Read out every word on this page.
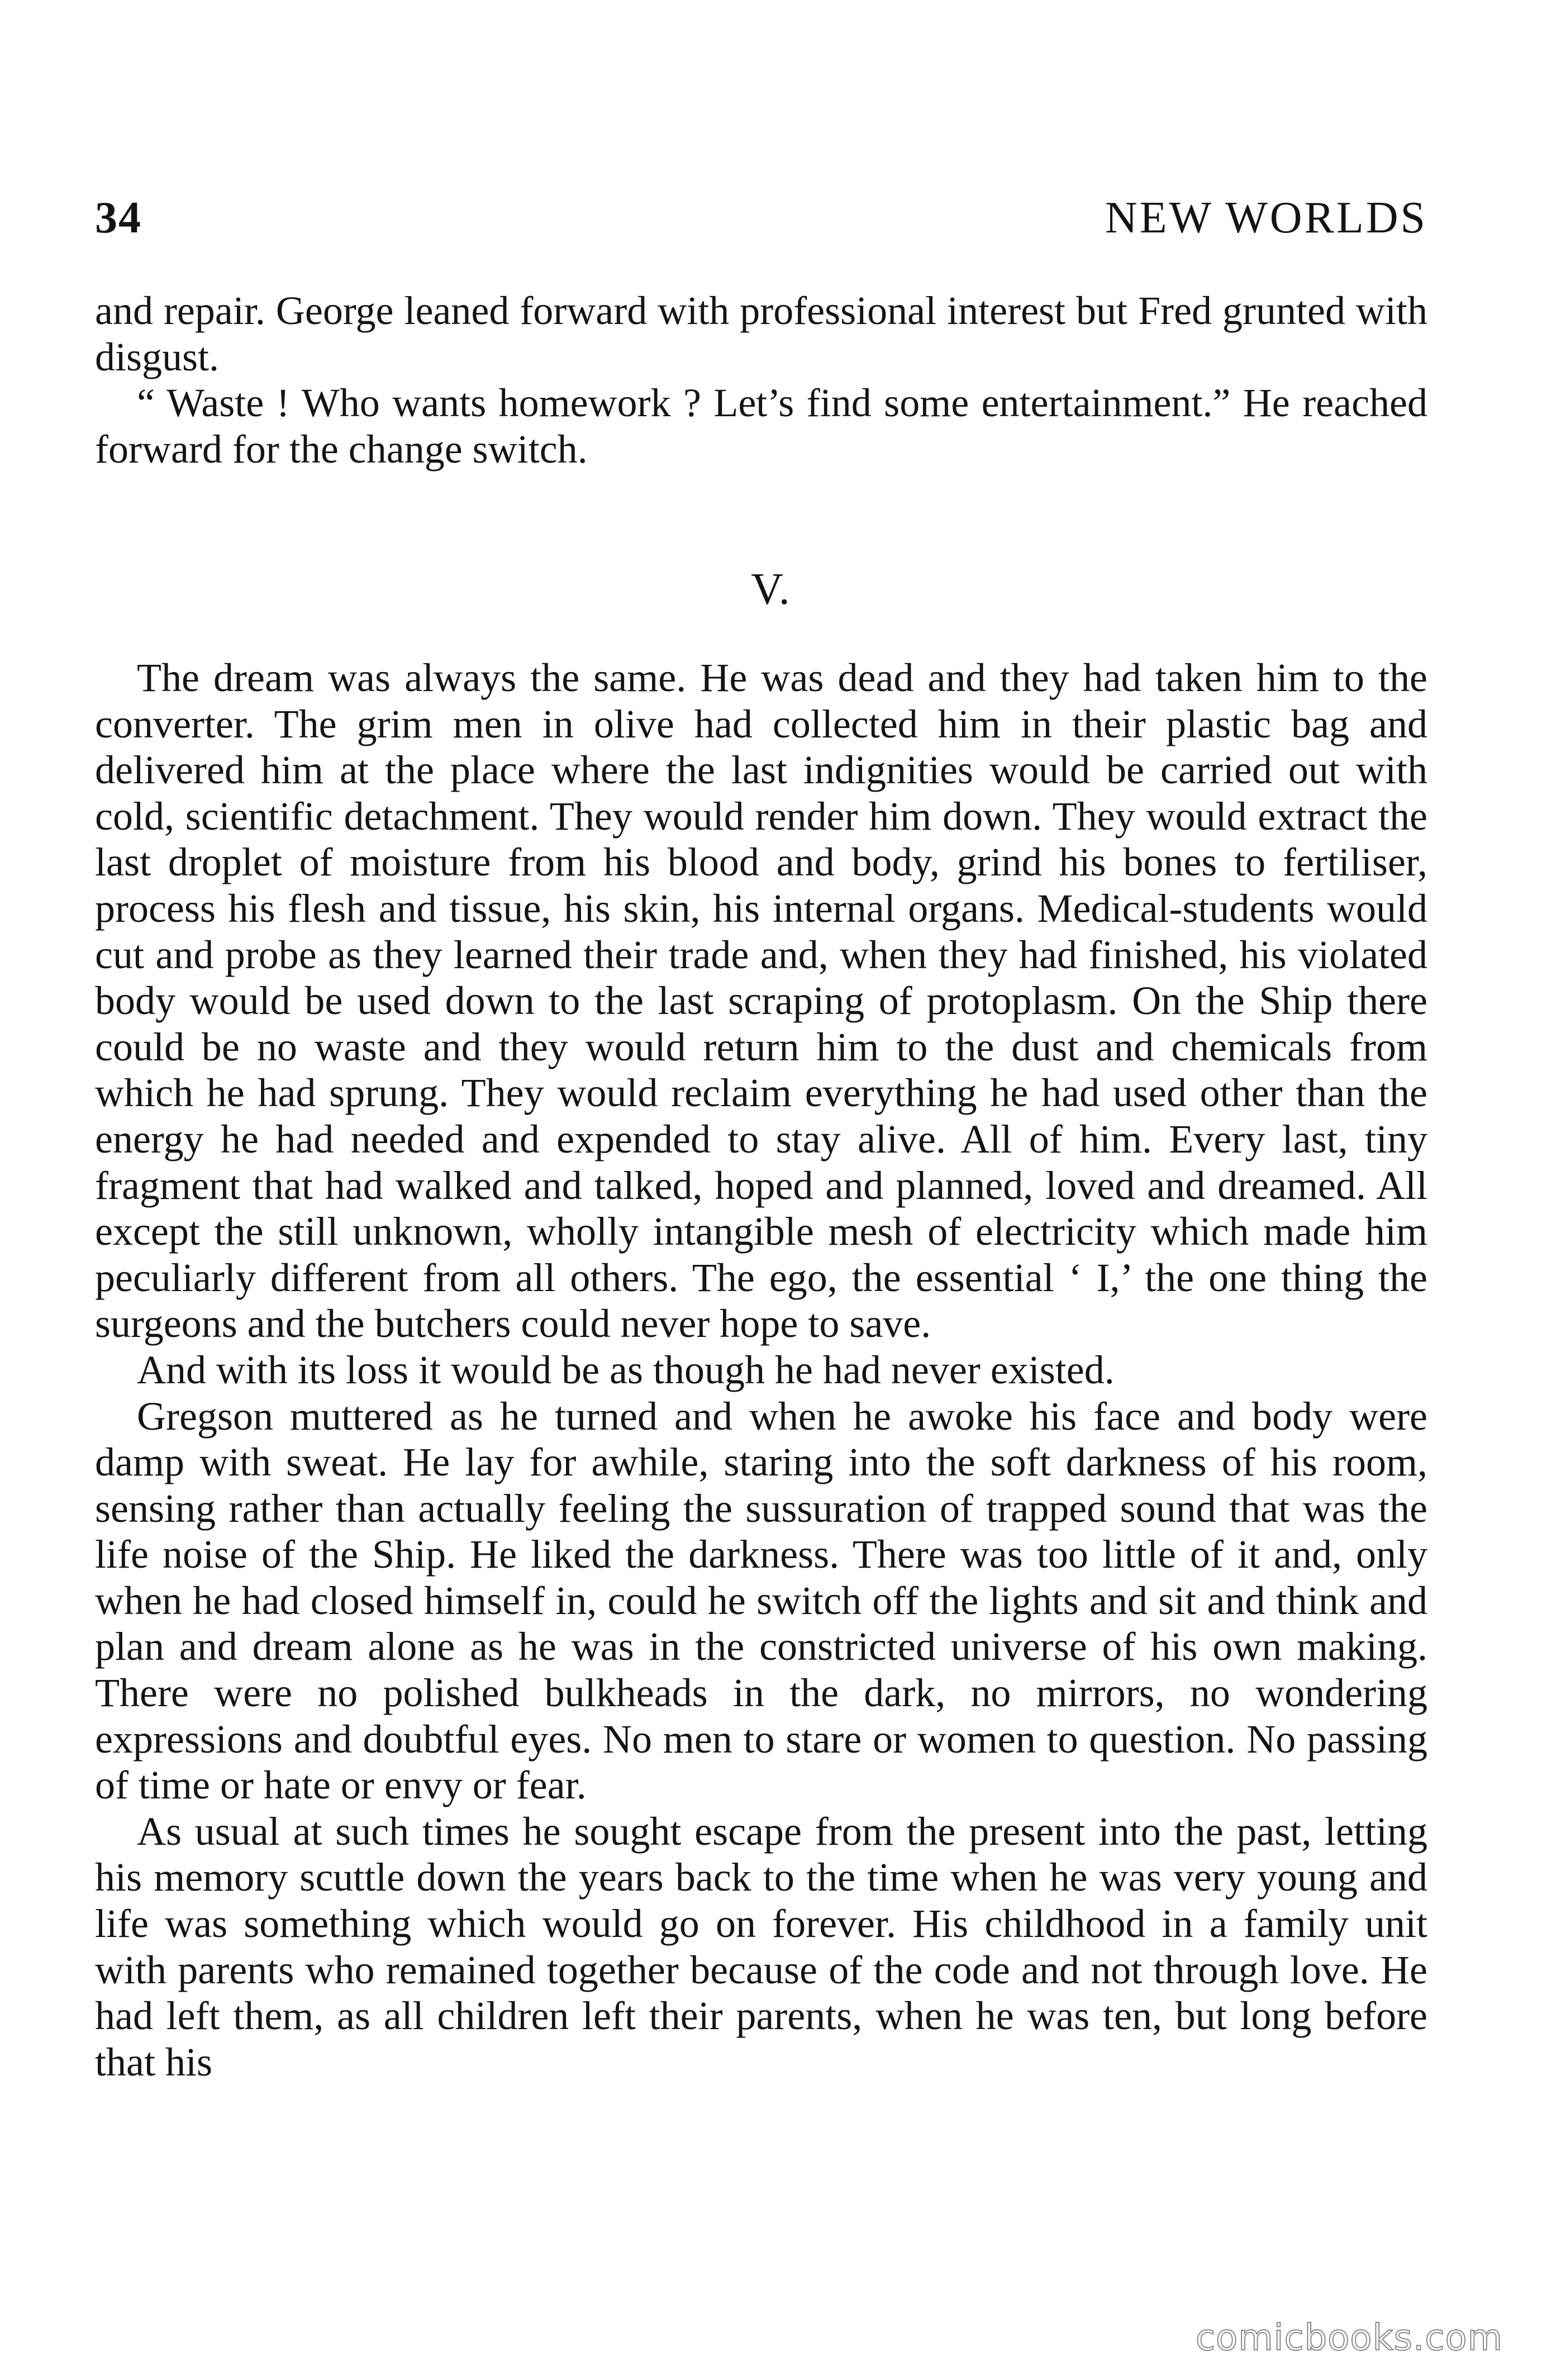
34	NEW WORLDS

and repair. George leaned forward with professional interest but Fred grunted with disgust.

“ Waste ! Who wants homework ? Let’s find some entertainment.” He reached forward for the change switch.

V.

The dream was always the same. He was dead and they had taken him to the converter. The grim men in olive had collected him in their plastic bag and delivered him at the place where the last indignities would be carried out with cold, scientific detachment. They would render him down. They would extract the last droplet of moisture from his blood and body, grind his bones to fertiliser, process his flesh and tissue, his skin, his internal organs. Medical-students would cut and probe as they learned their trade and, when they had finished, his violated body would be used down to the last scraping of protoplasm. On the Ship there could be no waste and they would return him to the dust and chemicals from which he had sprung. They would reclaim everything he had used other than the energy he had needed and expended to stay alive. All of him. Every last, tiny fragment that had walked and talked, hoped and planned, loved and dreamed. All except the still unknown, wholly intangible mesh of electricity which made him peculiarly different from all others. The ego, the essential ‘ I,’ the one thing the surgeons and the butchers could never hope to save.

And with its loss it would be as though he had never existed.

Gregson muttered as he turned and when he awoke his face and body were damp with sweat. He lay for awhile, staring into the soft darkness of his room, sensing rather than actually feeling the sussuration of trapped sound that was the life noise of the Ship. He liked the darkness. There was too little of it and, only when he had closed himself in, could he switch off the lights and sit and think and plan and dream alone as he was in the constricted universe of his own making. There were no polished bulkheads in the dark, no mirrors, no wondering expressions and doubtful eyes. No men to stare or women to question. No passing of time or hate or envy or fear.

As usual at such times he sought escape from the present into the past, letting his memory scuttle down the years back to the time when he was very young and life was something which would go on forever. His childhood in a family unit with parents who remained together because of the code and not through love. He had left them, as all children left their parents, when he was ten, but long before that his

comicbooks.com
